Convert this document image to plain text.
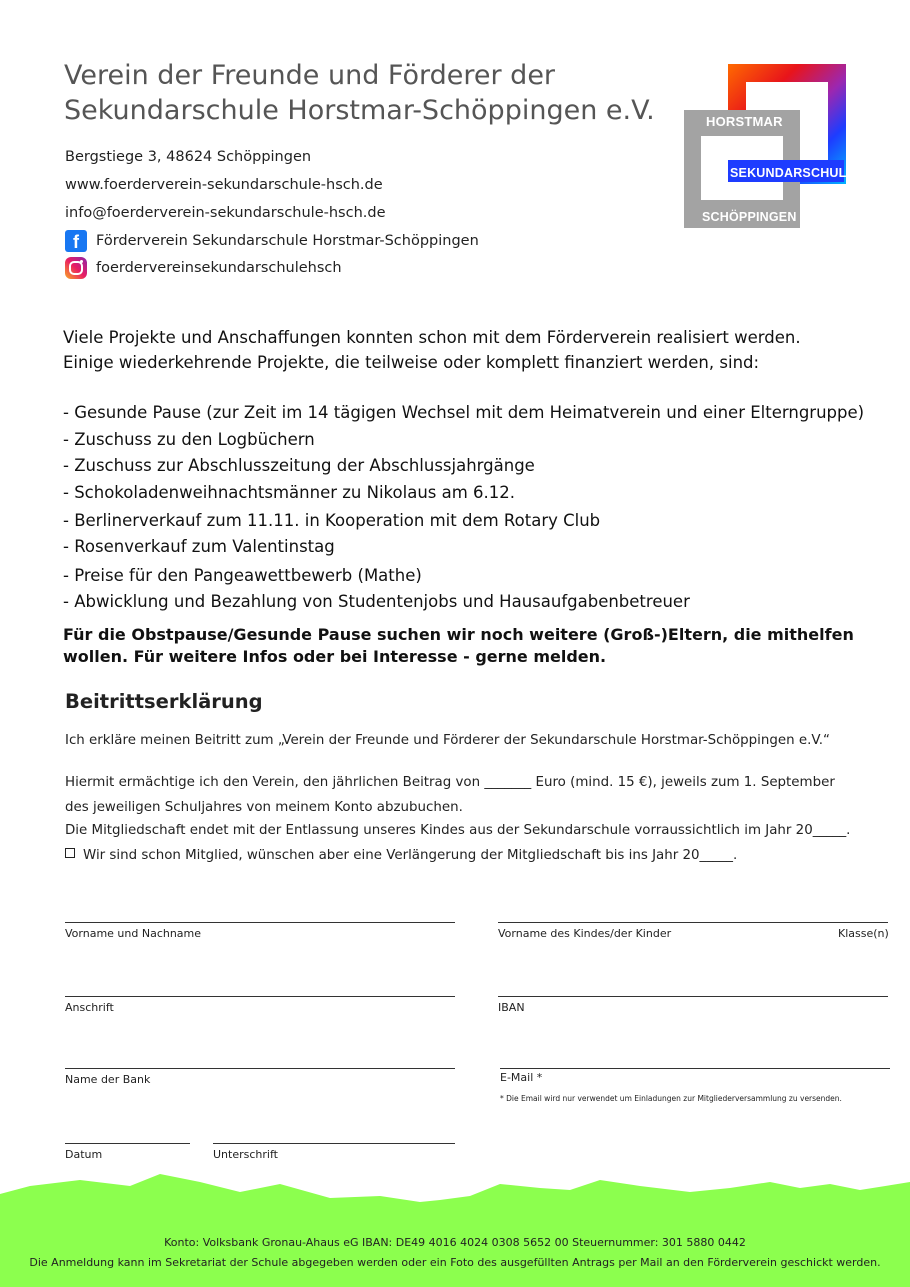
Verein der Freunde und Förderer der
Sekundarschule Horstmar-Schöppingen e.V.
Bergstiege 3, 48624 Schöppingen
www.foerderverein-sekundarschule-hsch.de
info@foerderverein-sekundarschule-hsch.de
f	Förderverein Sekundarschule Horstmar-Schöppingen
foerdervereinsekundarschulehsch
HORSTMAR
SEKUNDARSCHULE
SCHÖPPINGEN
Viele Projekte und Anschaffungen konnten schon mit dem Förderverein realisiert werden.
Einige wiederkehrende Projekte, die teilweise oder komplett finanziert werden, sind:
- Gesunde Pause (zur Zeit im 14 tägigen Wechsel mit dem Heimatverein und einer Elterngruppe)
- Zuschuss zu den Logbüchern
- Zuschuss zur Abschlusszeitung der Abschlussjahrgänge
- Schokoladenweihnachtsmänner zu Nikolaus am 6.12.
- Berlinerverkauf zum 11.11. in Kooperation mit dem Rotary Club
- Rosenverkauf zum Valentinstag
- Preise für den Pangeawettbewerb (Mathe)
- Abwicklung und Bezahlung von Studentenjobs und Hausaufgabenbetreuer
Für die Obstpause/Gesunde Pause suchen wir noch weitere (Groß-)Eltern, die mithelfen wollen. Für weitere Infos oder bei Interesse - gerne melden.
Beitrittserklärung
Ich erkläre meinen Beitritt zum „Verein der Freunde und Förderer der Sekundarschule Horstmar-Schöppingen e.V.“
Hiermit ermächtige ich den Verein, den jährlichen Beitrag von _______ Euro (mind. 15 €), jeweils zum 1. September
des jeweiligen Schuljahres von meinem Konto abzubuchen.
Die Mitgliedschaft endet mit der Entlassung unseres Kindes aus der Sekundarschule vorraussichtlich im Jahr 20_____.
Wir sind schon Mitglied, wünschen aber eine Verlängerung der Mitgliedschaft bis ins Jahr 20_____.
Vorname und Nachname	Vorname des Kindes/der Kinder	Klasse(n)
Anschrift	IBAN
Name der Bank	E-Mail *
* Die Email wird nur verwendet um Einladungen zur Mitgliederversammlung zu versenden.
Datum	Unterschrift
Konto: Volksbank Gronau-Ahaus eG IBAN: DE49 4016 4024 0308 5652 00 Steuernummer: 301 5880 0442
Die Anmeldung kann im Sekretariat der Schule abgegeben werden oder ein Foto des ausgefüllten Antrags per Mail an den Förderverein geschickt werden.
